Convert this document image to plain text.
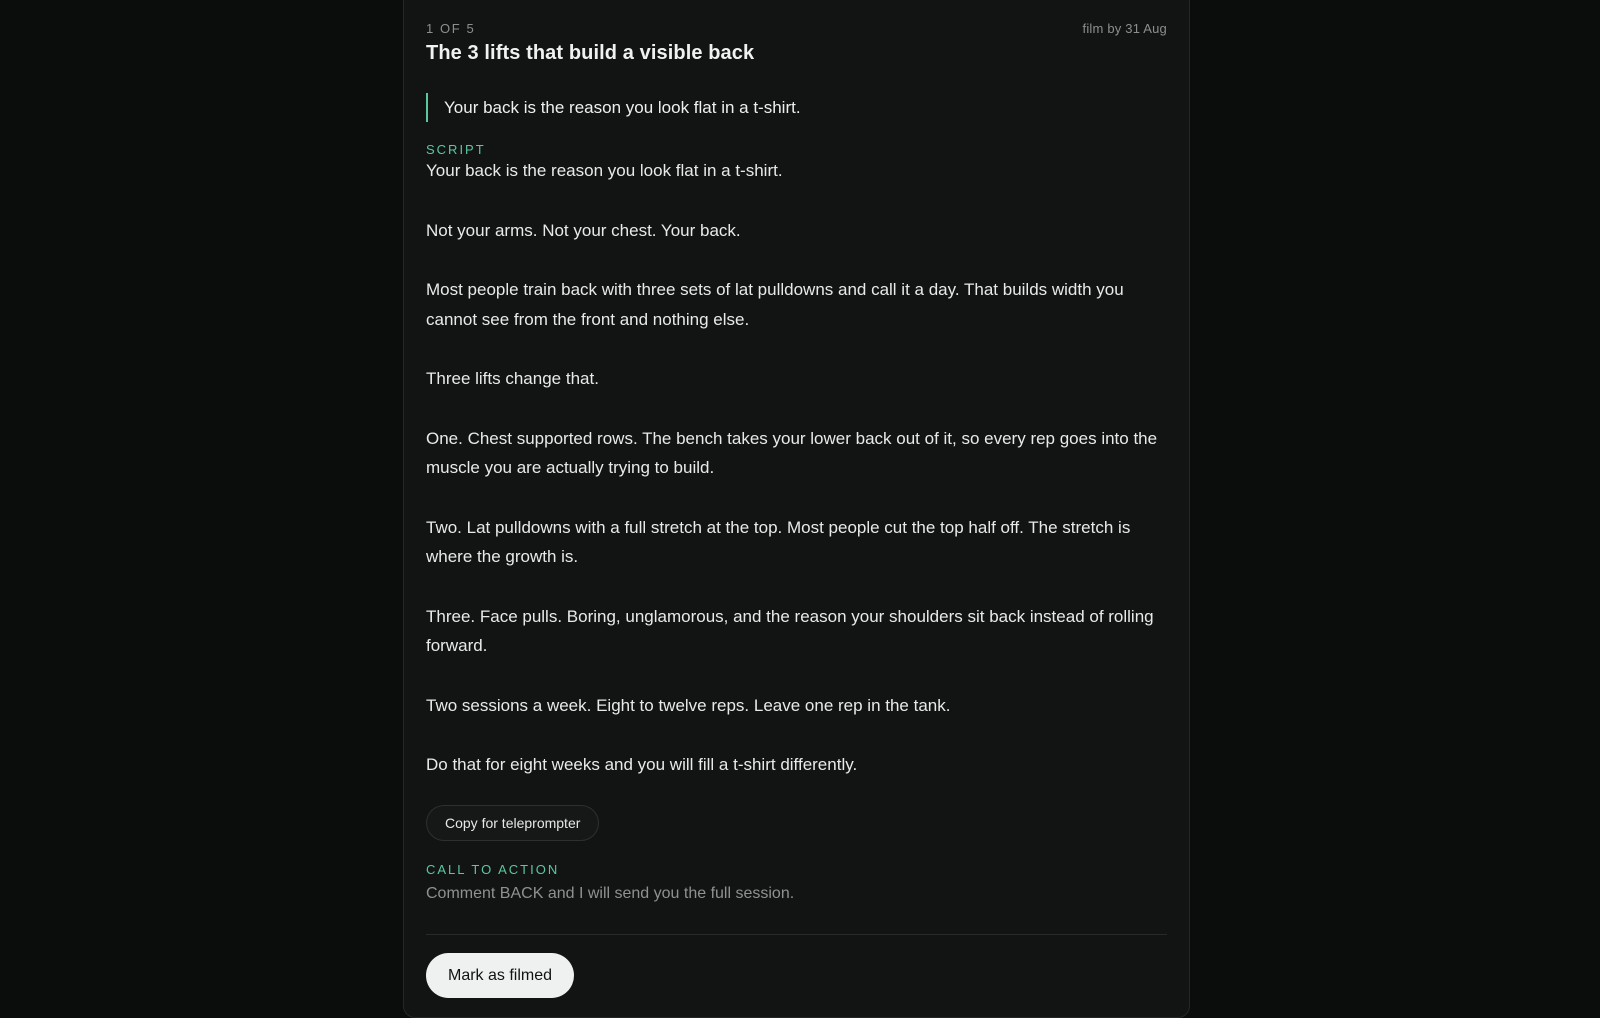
1 OF 5	film by 31 Aug
The 3 lifts that build a visible back
Your back is the reason you look flat in a t-shirt.
SCRIPT

Your back is the reason you look flat in a t-shirt.

Not your arms. Not your chest. Your back.

Most people train back with three sets of lat pulldowns and call it a day. That builds width you cannot see from the front and nothing else.

Three lifts change that.

One. Chest supported rows. The bench takes your lower back out of it, so every rep goes into the muscle you are actually trying to build.

Two. Lat pulldowns with a full stretch at the top. Most people cut the top half off. The stretch is where the growth is.

Three. Face pulls. Boring, unglamorous, and the reason your shoulders sit back instead of rolling forward.

Two sessions a week. Eight to twelve reps. Leave one rep in the tank.

Do that for eight weeks and you will fill a t-shirt differently.

Copy for teleprompter
CALL TO ACTION
Comment BACK and I will send you the full session.
Mark as filmed
